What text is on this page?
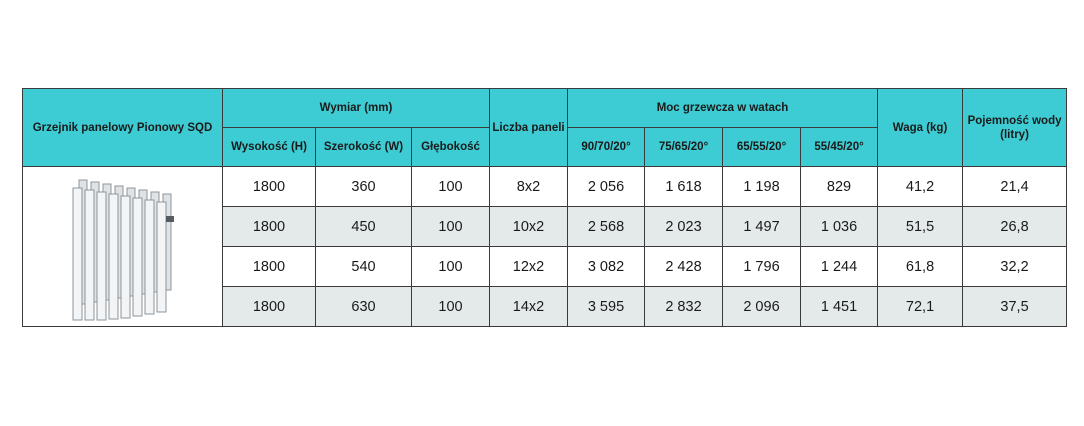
Grzejnik panelowy Pionowy SQD	Wymiar (mm)			Liczba paneli	Moc grzewcza w watach				Waga (kg)	Pojemność wody (litry)
	Wysokość (H)	Szerokość (W)	Głębokość		90/70/20°	75/65/20°	65/55/20°	55/45/20°		

	1800	360	100	8x2	2 056	1 618	1 198	829	41,2	21,4
	1800	450	100	10x2	2 568	2 023	1 497	1 036	51,5	26,8
	1800	540	100	12x2	3 082	2 428	1 796	1 244	61,8	32,2
	1800	630	100	14x2	3 595	2 832	2 096	1 451	72,1	37,5
